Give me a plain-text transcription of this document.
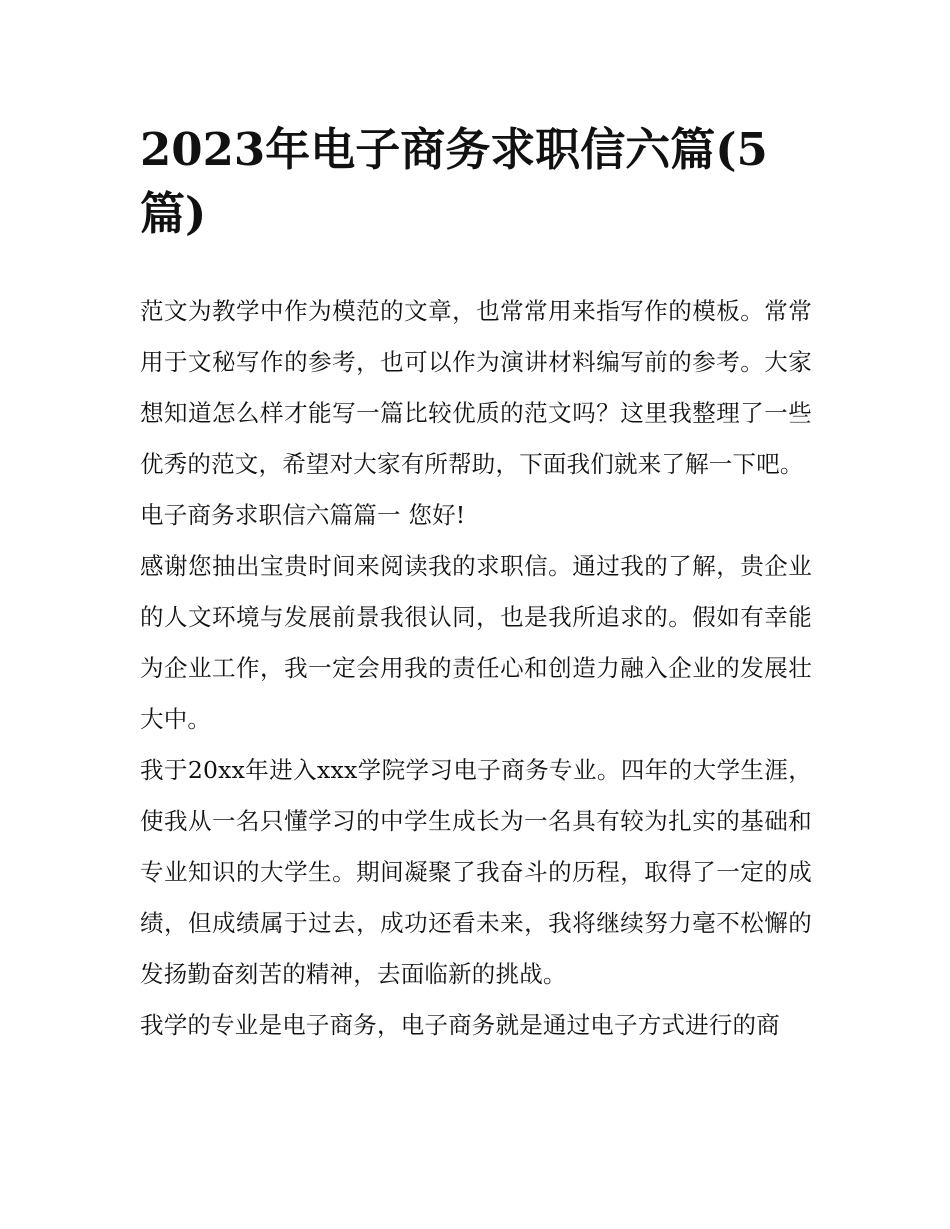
2023年电子商务求职信六篇(5篇)

范文为教学中作为模范的文章，也常常用来指写作的模板。常常用于文秘写作的参考，也可以作为演讲材料编写前的参考。大家想知道怎么样才能写一篇比较优质的范文吗？这里我整理了一些优秀的范文，希望对大家有所帮助，下面我们就来了解一下吧。

电子商务求职信六篇篇一 您好!

感谢您抽出宝贵时间来阅读我的求职信。通过我的了解，贵企业的人文环境与发展前景我很认同，也是我所追求的。假如有幸能为企业工作，我一定会用我的责任心和创造力融入企业的发展壮大中。

我于20xx年进入xxx学院学习电子商务专业。四年的大学生涯，使我从一名只懂学习的中学生成长为一名具有较为扎实的基础和专业知识的大学生。期间凝聚了我奋斗的历程，取得了一定的成绩，但成绩属于过去，成功还看未来，我将继续努力毫不松懈的发扬勤奋刻苦的精神，去面临新的挑战。

我学的专业是电子商务，电子商务就是通过电子方式进行的商
